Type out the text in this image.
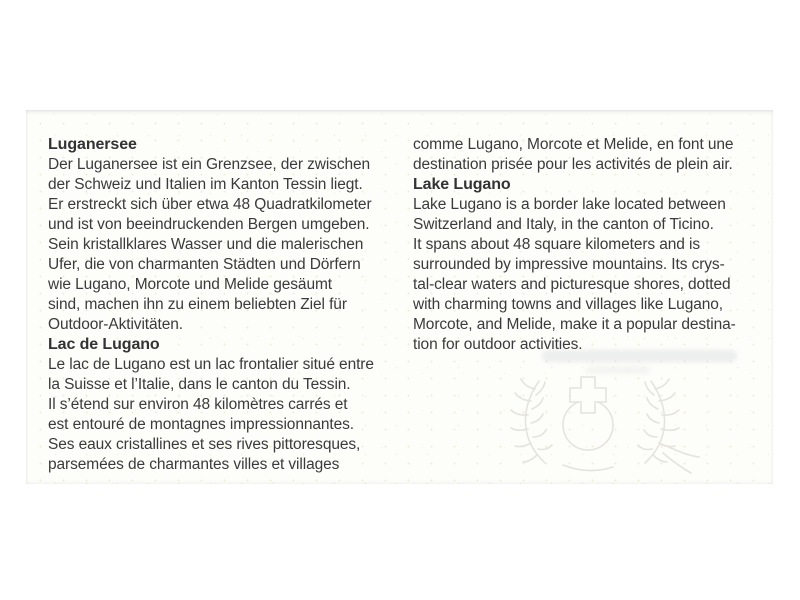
Luganersee
Der Luganersee ist ein Grenzsee, der zwischen
der Schweiz und Italien im Kanton Tessin liegt.
Er erstreckt sich über etwa 48 Quadratkilometer
und ist von beeindruckenden Bergen umgeben.
Sein kristallklares Wasser und die malerischen
Ufer, die von charmanten Städten und Dörfern
wie Lugano, Morcote und Melide gesäumt
sind, machen ihn zu einem beliebten Ziel für
Outdoor-Aktivitäten.
Lac de Lugano
Le lac de Lugano est un lac frontalier situé entre
la Suisse et l’Italie, dans le canton du Tessin.
Il s’étend sur environ 48 kilomètres carrés et
est entouré de montagnes impressionnantes.
Ses eaux cristallines et ses rives pittoresques,
parsemées de charmantes villes et villages
comme Lugano, Morcote et Melide, en font une
destination prisée pour les activités de plein air.
Lake Lugano
Lake Lugano is a border lake located between
Switzerland and Italy, in the canton of Ticino.
It spans about 48 square kilometers and is
surrounded by impressive mountains. Its crys-
tal-clear waters and picturesque shores, dotted
with charming towns and villages like Lugano,
Morcote, and Melide, make it a popular destina-
tion for outdoor activities.
